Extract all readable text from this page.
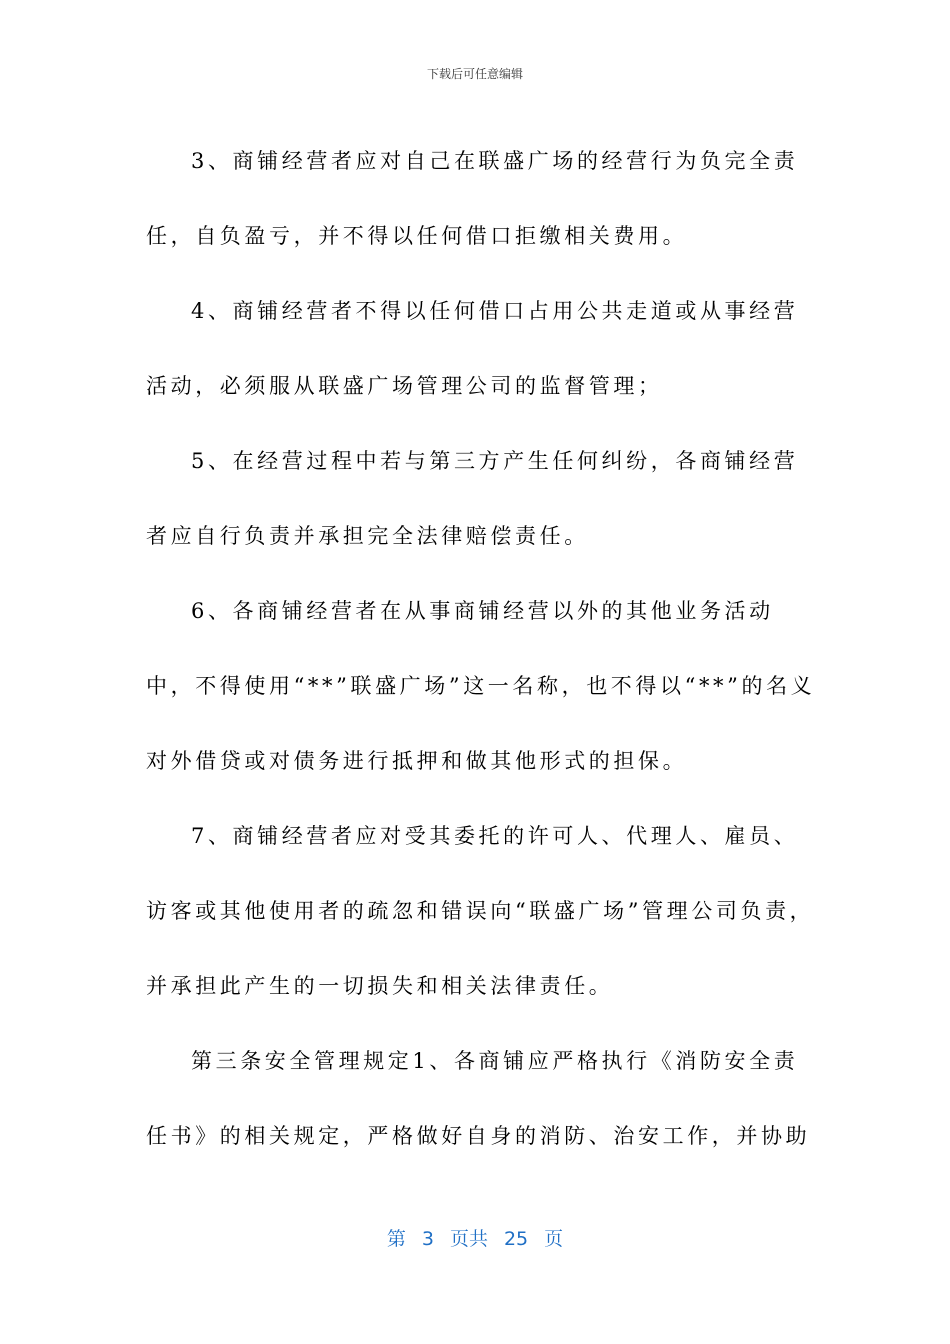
下载后可任意编辑

3、商铺经营者应对自己在联盛广场的经营行为负完全责任，自负盈亏，并不得以任何借口拒缴相关费用。

4、商铺经营者不得以任何借口占用公共走道或从事经营活动，必须服从联盛广场管理公司的监督管理；

5、在经营过程中若与第三方产生任何纠纷，各商铺经营者应自行负责并承担完全法律赔偿责任。

6、各商铺经营者在从事商铺经营以外的其他业务活动中，不得使用“**”联盛广场”这一名称，也不得以“**”的名义对外借贷或对债务进行抵押和做其他形式的担保。

7、商铺经营者应对受其委托的许可人、代理人、雇员、访客或其他使用者的疏忽和错误向“联盛广场”管理公司负责，并承担此产生的一切损失和相关法律责任。

第三条安全管理规定1、各商铺应严格执行《消防安全责任书》的相关规定，严格做好自身的消防、治安工作，并协助

第 3 页共 25 页
